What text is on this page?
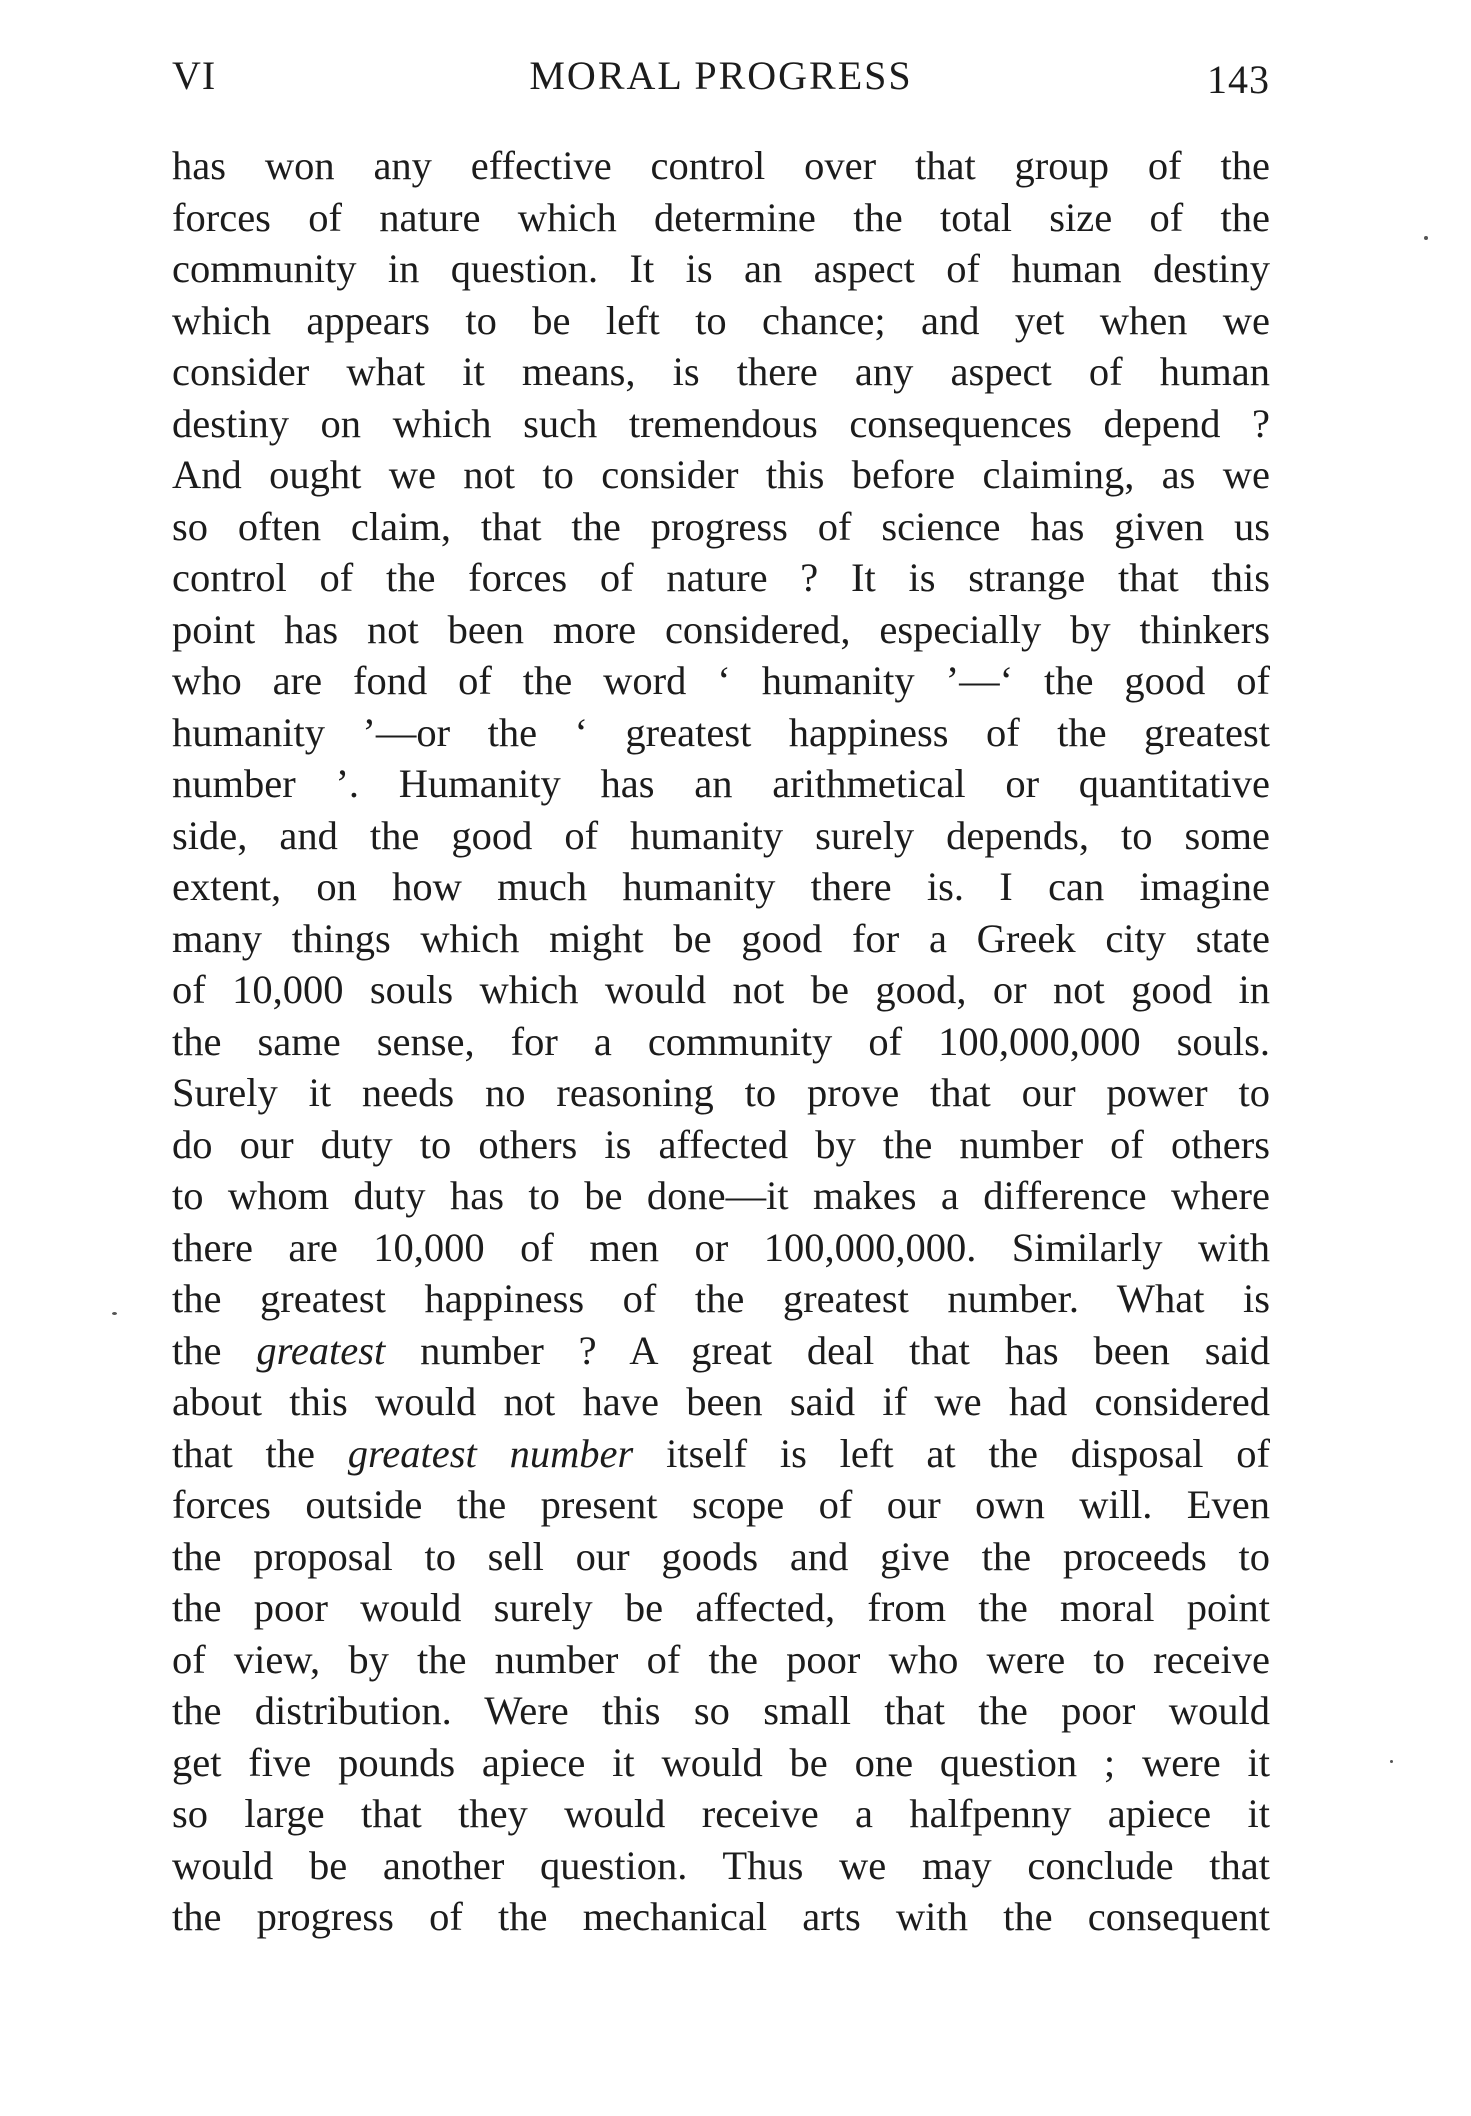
VI	MORAL PROGRESS	143
has won any effective control over that group of the
forces of nature which determine the total size of the
community in question. It is an aspect of human destiny
which appears to be left to chance; and yet when we
consider what it means, is there any aspect of human
destiny on which such tremendous consequences depend ?
And ought we not to consider this before claiming, as we
so often claim, that the progress of science has given us
control of the forces of nature ? It is strange that this
point has not been more considered, especially by thinkers
who are fond of the word ‘ humanity ’—‘ the good of
humanity ’—or the ‘ greatest happiness of the greatest
number ’. Humanity has an arithmetical or quantitative
side, and the good of humanity surely depends, to some
extent, on how much humanity there is. I can imagine
many things which might be good for a Greek city state
of 10,000 souls which would not be good, or not good in
the same sense, for a community of 100,000,000 souls.
Surely it needs no reasoning to prove that our power to
do our duty to others is affected by the number of others
to whom duty has to be done—it makes a difference where
there are 10,000 of men or 100,000,000. Similarly with
the greatest happiness of the greatest number. What is
the greatest number ? A great deal that has been said
about this would not have been said if we had considered
that the greatest number itself is left at the disposal of
forces outside the present scope of our own will. Even
the proposal to sell our goods and give the proceeds to
the poor would surely be affected, from the moral point
of view, by the number of the poor who were to receive
the distribution. Were this so small that the poor would
get five pounds apiece it would be one question ; were it
so large that they would receive a halfpenny apiece it
would be another question. Thus we may conclude that
the progress of the mechanical arts with the consequent
